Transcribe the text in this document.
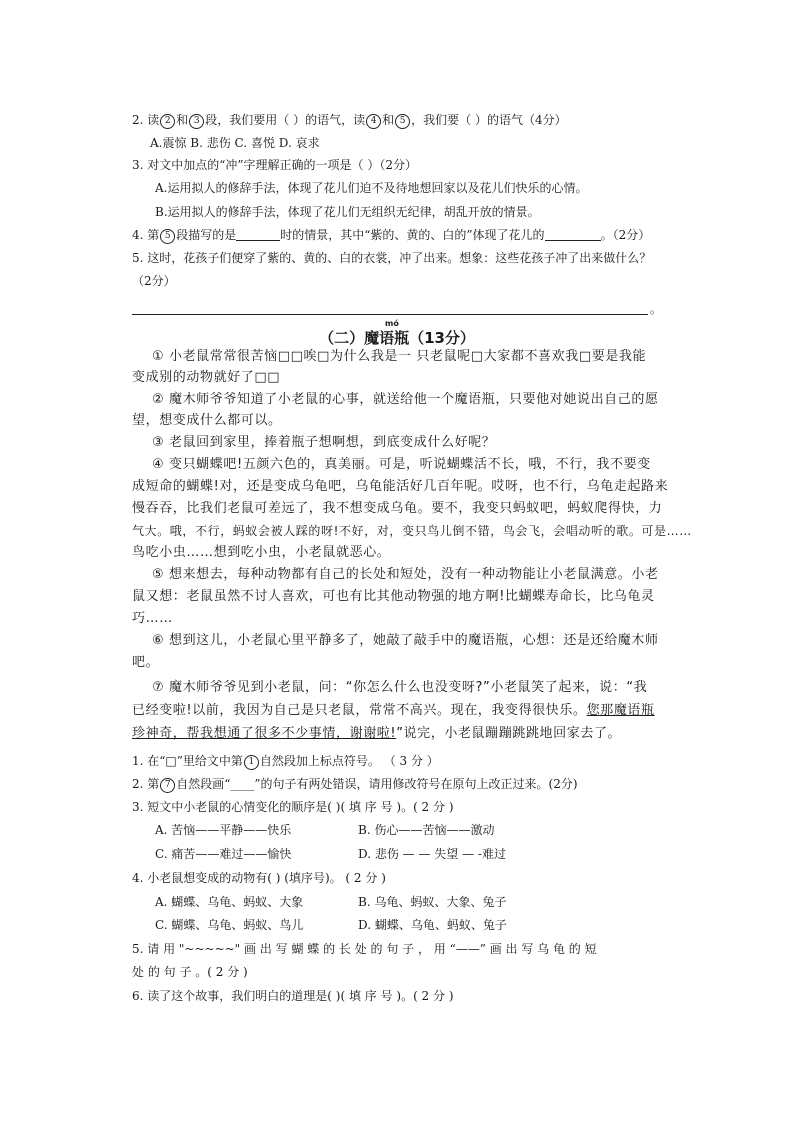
2. 读 2 和 3 段，我们要用（ ）的语气，读 4 和 5 ，我们要（ ）的语气（4分）
A.震惊 B. 悲伤 C. 喜悦 D. 哀求
3. 对文中加点的“冲”字理解正确的一项是（ ）（2分）
A.运用拟人的修辞手法，体现了花儿们迫不及待地想回家以及花儿们快乐的心情。
B.运用拟人的修辞手法，体现了花儿们无组织无纪律，胡乱开放的情景。
4. 第 5 段描写的是	时的情景，其中“紫的、黄的、白的”体现了花儿的	。（2分）
5. 这时，花孩子们便穿了紫的、黄的、白的衣裳，冲了出来。想象：这些花孩子冲了出来做什么？
（2分）
。
mó
（二）魔语瓶（13分）
① 小老鼠常常很苦恼□□唉□为什么我是一 只老鼠呢□大家都不喜欢我□要是我能
变成别的动物就好了□□
② 魔木师爷爷知道了小老鼠的心事，就送给他一个魔语瓶，只要他对她说出自己的愿
望，想变成什么都可以。
③ 老鼠回到家里，捧着瓶子想啊想，到底变成什么好呢？
④ 变只蝴蝶吧!五颜六色的，真美丽。可是，听说蝴蝶活不长，哦，不行，我不要变
成短命的蝴蝶!对，还是变成乌龟吧，乌龟能活好几百年呢。哎呀，也不行，乌龟走起路来
慢吞吞，比我们老鼠可差远了，我不想变成乌龟。要不，我变只蚂蚁吧，蚂蚁爬得快，力
气大。哦，不行，蚂蚁会被人踩的呀!不好，对，变只鸟儿倒不错，鸟会飞，会唱动听的歌。可是……
鸟吃小虫……想到吃小虫，小老鼠就恶心。
⑤ 想来想去，每种动物都有自己的长处和短处，没有一种动物能让小老鼠满意。小老
鼠又想：老鼠虽然不讨人喜欢，可也有比其他动物强的地方啊!比蝴蝶寿命长，比乌龟灵
巧……
⑥ 想到这儿，小老鼠心里平静多了，她敲了敲手中的魔语瓶，心想：还是还给魔木师
吧。
⑦ 魔木师爷爷见到小老鼠，问：“你怎么什么也没变呀?”小老鼠笑了起来，说：“我
已经变啦!以前，我因为自己是只老鼠，常常不高兴。现在，我变得很快乐。您那魔语瓶
珍神奇，帮我想通了很多不少事情，谢谢啦!”说完，小老鼠蹦蹦跳跳地回家去了。
1. 在“□”里给文中第 1 自然段加上标点符号。 （ 3 分 ）
2. 第 7 自然段画“____”的句子有两处错误，请用修改符号在原句上改正过来。(2分)
3. 短文中小老鼠的心情变化的顺序是( )( 填 序 号 )。( 2 分 )
A. 苦恼——平静——快乐	B. 伤心——苦恼——激动
C. 痛苦——难过——愉快	D. 悲伤 — — 失望 — -难过
4. 小老鼠想变成的动物有( ) (填序号)。 ( 2 分 )
A. 蝴蝶、乌龟、蚂蚁、大象	B. 乌龟、蚂蚁、大象、兔子
C. 蝴蝶、乌龟、蚂蚁、鸟儿	D. 蝴蝶、乌龟、蚂蚁、兔子
5. 请 用 "~~~~~" 画 出 写 蝴 蝶 的 长 处 的 句 子 ， 用 “——” 画 出 写 乌 龟 的 短
处 的 句 子 。( 2 分 )
6. 读了这个故事，我们明白的道理是( )( 填 序 号 )。( 2 分 )
